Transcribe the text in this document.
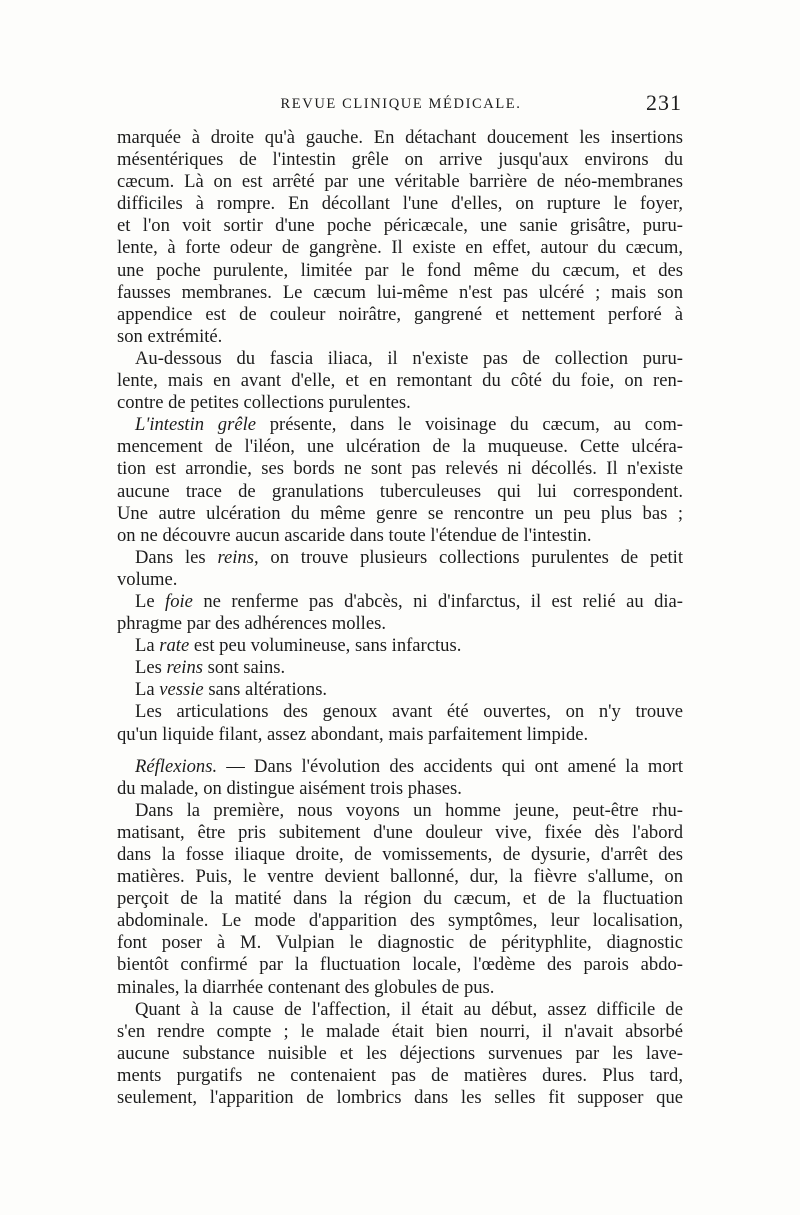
REVUE CLINIQUE MÉDICALE.	231
marquée à droite qu'à gauche. En détachant doucement les insertions
mésentériques de l'intestin grêle on arrive jusqu'aux environs du
cæcum. Là on est arrêté par une véritable barrière de néo-membranes
difficiles à rompre. En décollant l'une d'elles, on rupture le foyer,
et l'on voit sortir d'une poche péricæcale, une sanie grisâtre, puru-
lente, à forte odeur de gangrène. Il existe en effet, autour du cæcum,
une poche purulente, limitée par le fond même du cæcum, et des
fausses membranes. Le cæcum lui-même n'est pas ulcéré ; mais son
appendice est de couleur noirâtre, gangrené et nettement perforé à
son extrémité.
Au-dessous du fascia iliaca, il n'existe pas de collection puru-
lente, mais en avant d'elle, et en remontant du côté du foie, on ren-
contre de petites collections purulentes.
L'intestin grêle présente, dans le voisinage du cæcum, au com-
mencement de l'iléon, une ulcération de la muqueuse. Cette ulcéra-
tion est arrondie, ses bords ne sont pas relevés ni décollés. Il n'existe
aucune trace de granulations tuberculeuses qui lui correspondent.
Une autre ulcération du même genre se rencontre un peu plus bas ;
on ne découvre aucun ascaride dans toute l'étendue de l'intestin.
Dans les reins, on trouve plusieurs collections purulentes de petit
volume.
Le foie ne renferme pas d'abcès, ni d'infarctus, il est relié au dia-
phragme par des adhérences molles.
La rate est peu volumineuse, sans infarctus.
Les reins sont sains.
La vessie sans altérations.
Les articulations des genoux avant été ouvertes, on n'y trouve
qu'un liquide filant, assez abondant, mais parfaitement limpide.
Réflexions. — Dans l'évolution des accidents qui ont amené la mort
du malade, on distingue aisément trois phases.
Dans la première, nous voyons un homme jeune, peut-être rhu-
matisant, être pris subitement d'une douleur vive, fixée dès l'abord
dans la fosse iliaque droite, de vomissements, de dysurie, d'arrêt des
matières. Puis, le ventre devient ballonné, dur, la fièvre s'allume, on
perçoit de la matité dans la région du cæcum, et de la fluctuation
abdominale. Le mode d'apparition des symptômes, leur localisation,
font poser à M. Vulpian le diagnostic de pérityphlite, diagnostic
bientôt confirmé par la fluctuation locale, l'œdème des parois abdo-
minales, la diarrhée contenant des globules de pus.
Quant à la cause de l'affection, il était au début, assez difficile de
s'en rendre compte ; le malade était bien nourri, il n'avait absorbé
aucune substance nuisible et les déjections survenues par les lave-
ments purgatifs ne contenaient pas de matières dures. Plus tard,
seulement, l'apparition de lombrics dans les selles fit supposer que
